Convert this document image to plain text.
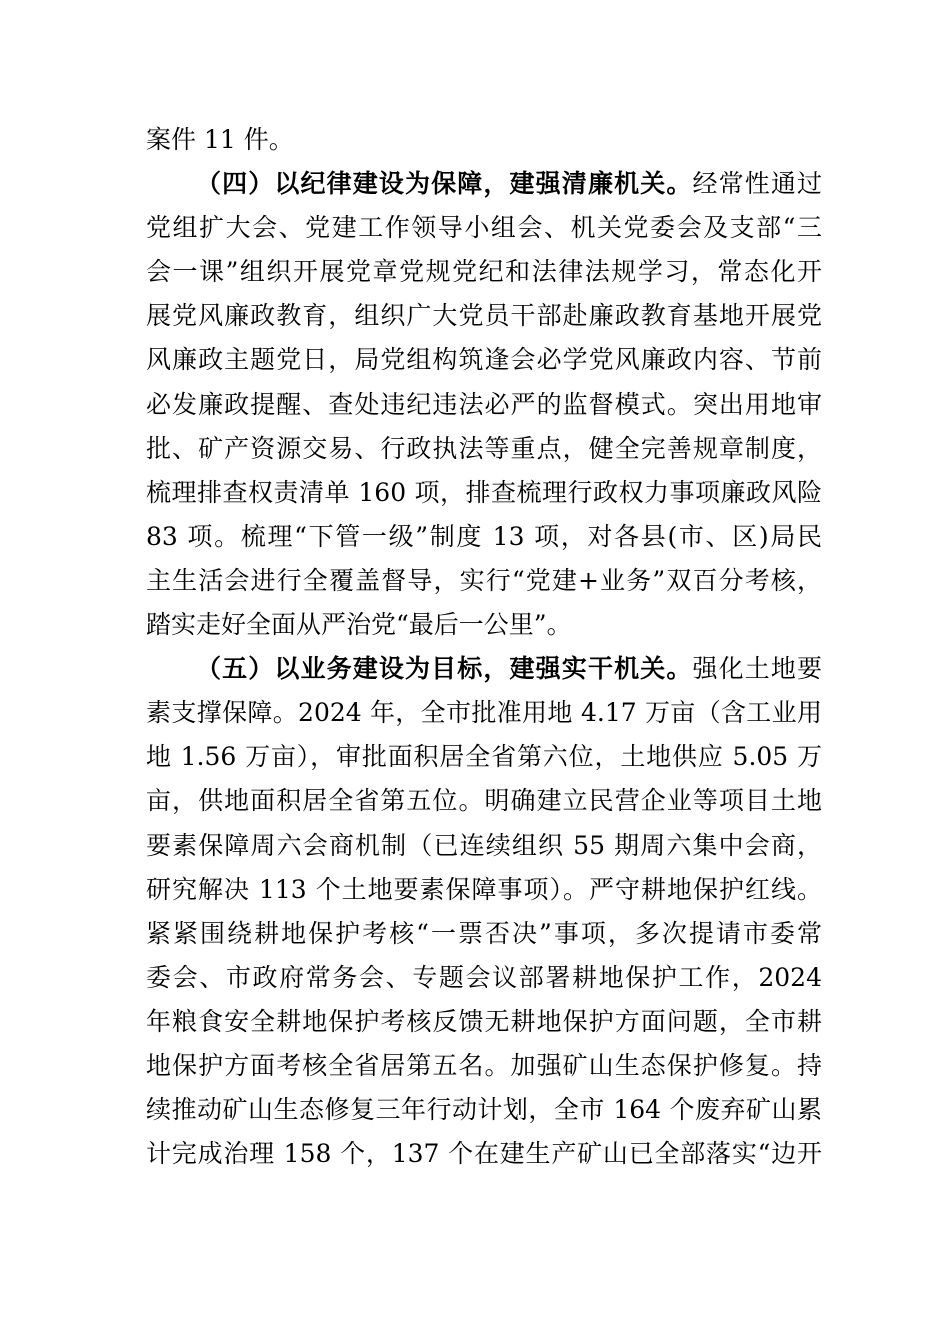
案件 11 件。
（四）以纪律建设为保障，建强清廉机关。经常性通过
党组扩大会、党建工作领导小组会、机关党委会及支部“三
会一课”组织开展党章党规党纪和法律法规学习，常态化开
展党风廉政教育，组织广大党员干部赴廉政教育基地开展党
风廉政主题党日，局党组构筑逢会必学党风廉政内容、节前
必发廉政提醒、查处违纪违法必严的监督模式。突出用地审
批、矿产资源交易、行政执法等重点，健全完善规章制度，
梳理排查权责清单 160 项，排查梳理行政权力事项廉政风险
83 项。梳理“下管一级”制度 13 项，对各县(市、区)局民
主生活会进行全覆盖督导，实行“党建+业务”双百分考核，
踏实走好全面从严治党“最后一公里”。
（五）以业务建设为目标，建强实干机关。强化土地要
素支撑保障。2024 年，全市批准用地 4.17 万亩（含工业用
地 1.56 万亩），审批面积居全省第六位，土地供应 5.05 万
亩，供地面积居全省第五位。明确建立民营企业等项目土地
要素保障周六会商机制（已连续组织 55 期周六集中会商，
研究解决 113 个土地要素保障事项）。严守耕地保护红线。
紧紧围绕耕地保护考核“一票否决”事项，多次提请市委常
委会、市政府常务会、专题会议部署耕地保护工作，2024
年粮食安全耕地保护考核反馈无耕地保护方面问题，全市耕
地保护方面考核全省居第五名。加强矿山生态保护修复。持
续推动矿山生态修复三年行动计划，全市 164 个废弃矿山累
计完成治理 158 个，137 个在建生产矿山已全部落实“边开
